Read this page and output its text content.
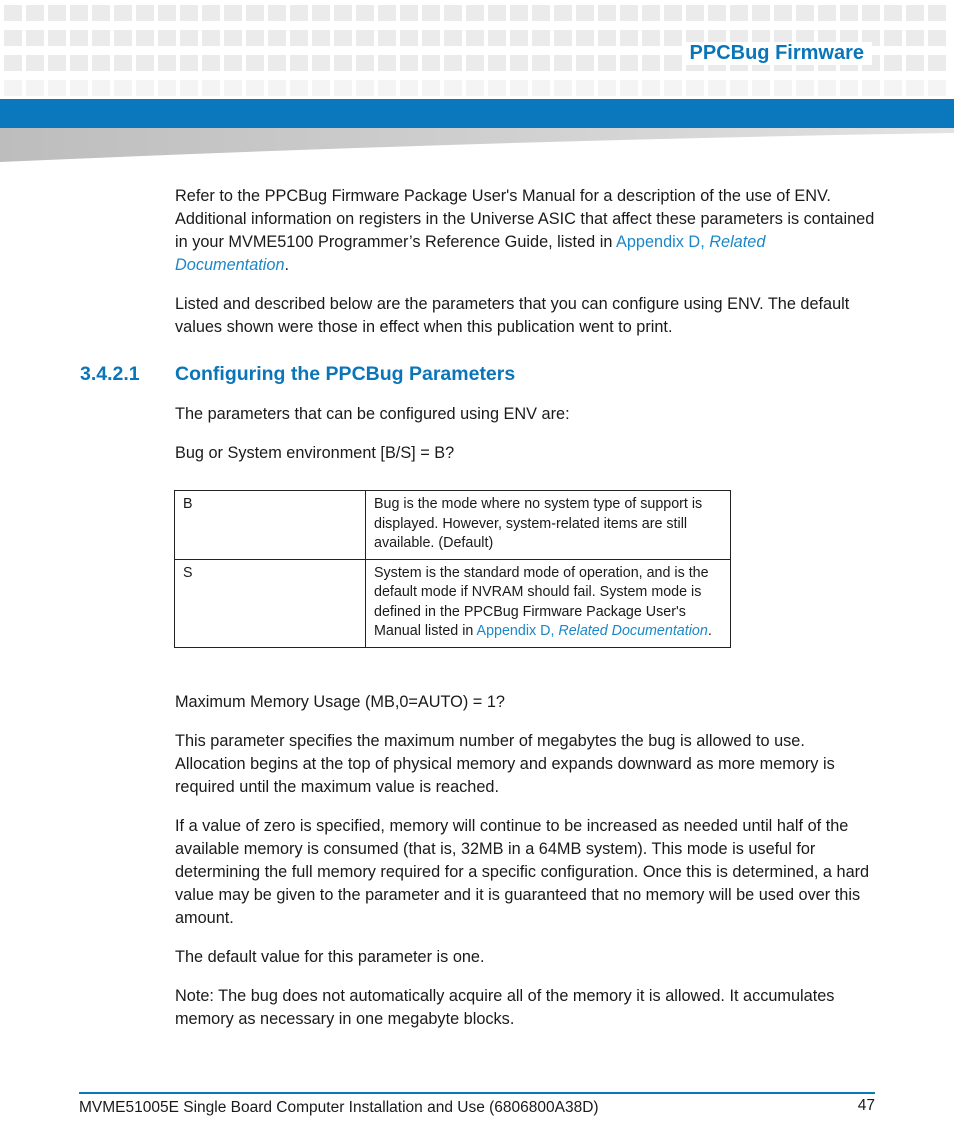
PPCBug Firmware

Refer to the PPCBug Firmware Package User's Manual for a description of the use of ENV. Additional information on registers in the Universe ASIC that affect these parameters is contained in your MVME5100 Programmer’s Reference Guide, listed in Appendix D, Related Documentation.

Listed and described below are the parameters that you can configure using ENV. The default values shown were those in effect when this publication went to print.

3.4.2.1 Configuring the PPCBug Parameters

The parameters that can be configured using ENV are:

Bug or System environment [B/S] = B?

B	Bug is the mode where no system type of support is displayed. However, system-related items are still available. (Default)
S	System is the standard mode of operation, and is the default mode if NVRAM should fail. System mode is defined in the PPCBug Firmware Package User's Manual listed in Appendix D, Related Documentation.

Maximum Memory Usage (MB,0=AUTO) = 1?

This parameter specifies the maximum number of megabytes the bug is allowed to use. Allocation begins at the top of physical memory and expands downward as more memory is required until the maximum value is reached.

If a value of zero is specified, memory will continue to be increased as needed until half of the available memory is consumed (that is, 32MB in a 64MB system). This mode is useful for determining the full memory required for a specific configuration. Once this is determined, a hard value may be given to the parameter and it is guaranteed that no memory will be used over this amount.

The default value for this parameter is one.

Note: The bug does not automatically acquire all of the memory it is allowed. It accumulates memory as necessary in one megabyte blocks.

MVME51005E Single Board Computer Installation and Use (6806800A38D)	47
